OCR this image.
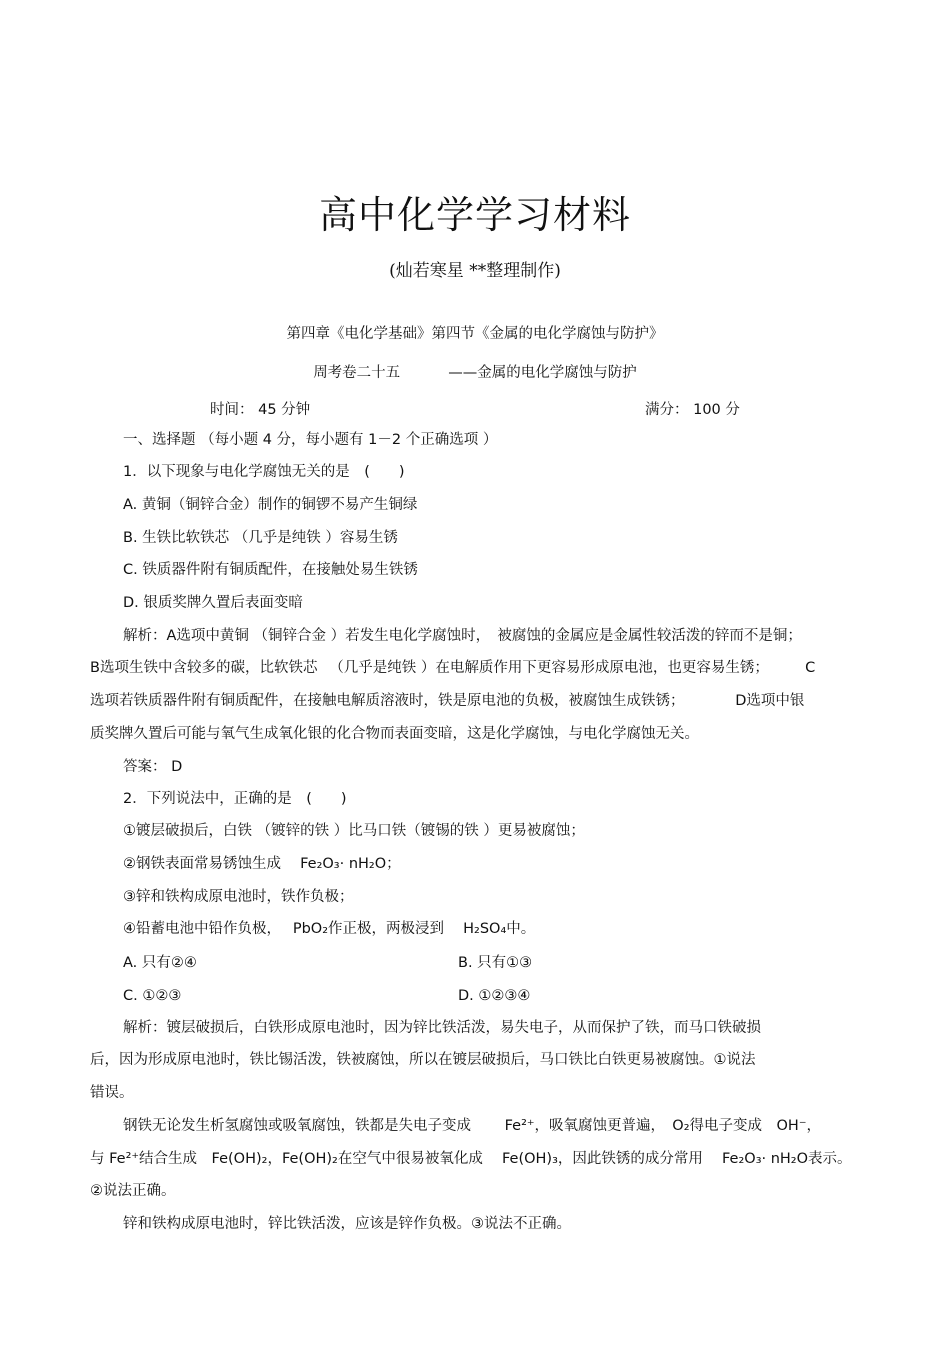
高中化学学习材料
(灿若寒星 **整理制作)
第四章《电化学基础》第四节《金属的电化学腐蚀与防护》
周考卷二十五 　　　——金属的电化学腐蚀与防护
时间： 45 分钟	满分： 100 分
一、选择题 （每小题 4 分，每小题有 1－2 个正确选项 ）
1．以下现象与电化学腐蚀无关的是　(　　)
A. 黄铜（铜锌合金）制作的铜锣不易产生铜绿
B. 生铁比软铁芯 （几乎是纯铁 ）容易生锈
C. 铁质器件附有铜质配件，在接触处易生铁锈
D. 银质奖牌久置后表面变暗
解析：A选项中黄铜 （铜锌合金 ）若发生电化学腐蚀时，　被腐蚀的金属应是金属性较活泼的锌而不是铜；
B选项生铁中含较多的碳，比软铁芯 　（几乎是纯铁 ）在电解质作用下更容易形成原电池，也更容易生锈；　　　C
选项若铁质器件附有铜质配件，在接触电解质溶液时，铁是原电池的负极，被腐蚀生成铁锈；　　　　D选项中银
质奖牌久置后可能与氧气生成氧化银的化合物而表面变暗，这是化学腐蚀，与电化学腐蚀无关。
答案： D
2．下列说法中，正确的是　(　　)
①镀层破损后，白铁 （镀锌的铁 ）比马口铁（镀锡的铁 ）更易被腐蚀；
②钢铁表面常易锈蚀生成　 Fe₂O₃· nH₂O；
③锌和铁构成原电池时，铁作负极；
④铅蓄电池中铅作负极，　 PbO₂作正极，两极浸到　 H₂SO₄中。
A. 只有②④	B. 只有①③
C. ①②③	D. ①②③④
解析：镀层破损后，白铁形成原电池时，因为锌比铁活泼，易失电子，从而保护了铁，而马口铁破损
后，因为形成原电池时，铁比锡活泼，铁被腐蚀，所以在镀层破损后，马口铁比白铁更易被腐蚀。①说法
错误。
钢铁无论发生析氢腐蚀或吸氧腐蚀，铁都是失电子变成　　 Fe²⁺，吸氧腐蚀更普遍，　O₂得电子变成　OH⁻，
与 Fe²⁺结合生成　Fe(OH)₂，Fe(OH)₂在空气中很易被氧化成　 Fe(OH)₃，因此铁锈的成分常用　 Fe₂O₃· nH₂O表示。
②说法正确。
锌和铁构成原电池时，锌比铁活泼，应该是锌作负极。③说法不正确。
